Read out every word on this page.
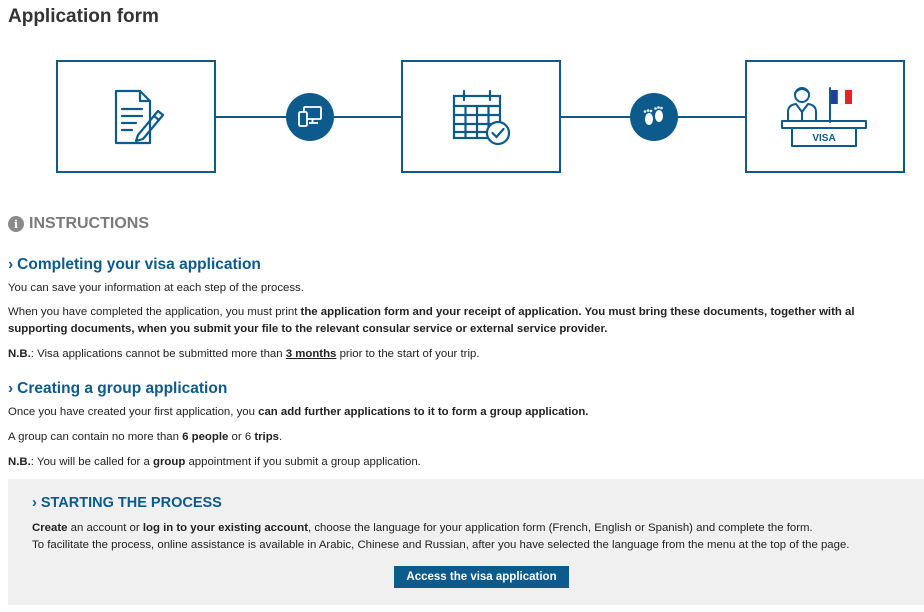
Application form
VISA
i INSTRUCTIONS
› Completing your visa application

You can save your information at each step of the process.

When you have completed the application, you must print the application form and your receipt of application. You must bring these documents, together with al
supporting documents, when you submit your file to the relevant consular service or external service provider.

N.B.: Visa applications cannot be submitted more than 3 months prior to the start of your trip.

› Creating a group application

Once you have created your first application, you can add further applications to it to form a group application.

A group can contain no more than 6 people or 6 trips.

N.B.: You will be called for a group appointment if you submit a group application.

› STARTING THE PROCESS
Create an account or log in to your existing account, choose the language for your application form (French, English or Spanish) and complete the form.
To facilitate the process, online assistance is available in Arabic, Chinese and Russian, after you have selected the language from the menu at the top of the page.
Access the visa application
